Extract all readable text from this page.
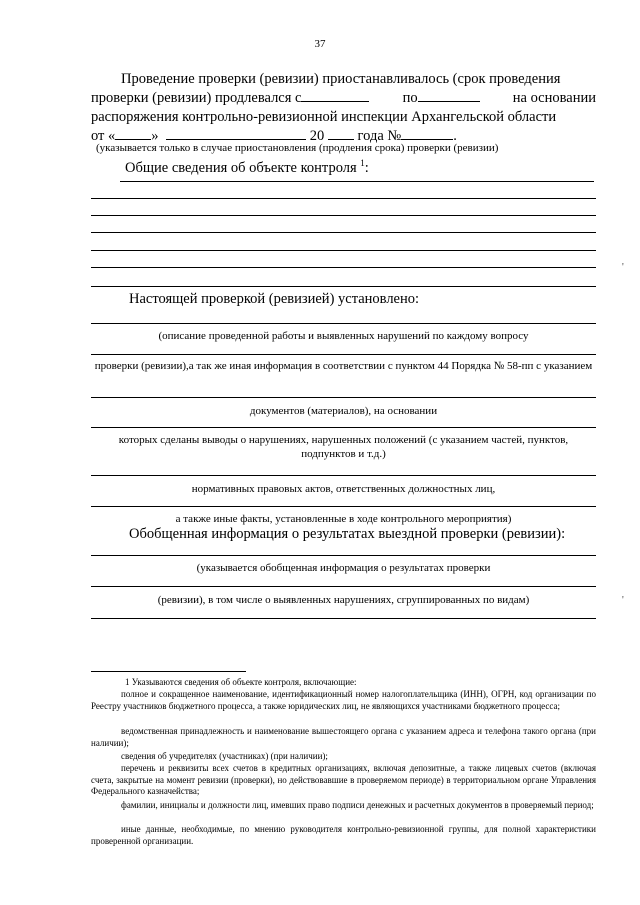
37
Проведение проверки (ревизии) приостанавливалось (срок проведения
проверки (ревизии) продлевался с	по	на основании
распоряжения контрольно-ревизионной инспекции Архангельской области
от « »	20 года №	.
(указывается только в случае приостановления (продления срока) проверки (ревизии)
Общие сведения об объекте контроля $^1$:
Настоящей проверкой (ревизией) установлено:
(описание проведенной работы и выявленных нарушений по каждому вопросу
проверки (ревизии),а так же иная информация в соответствии с пунктом 44 Порядка № 58-пп с указанием
документов (материалов), на основании
которых сделаны выводы о нарушениях, нарушенных положений (с указанием частей, пунктов, подпунктов и т.д.)
нормативных правовых актов, ответственных должностных лиц,
а также иные факты, установленные в ходе контрольного мероприятия)
Обобщенная информация о результатах выездной проверки (ревизии):
(указывается обобщенная информация о результатах проверки
(ревизии), в том числе о выявленных нарушениях, сгруппированных по видам)
'
'
1 Указываются сведения об объекте контроля, включающие:
полное и сокращенное наименование, идентификационный номер налогоплательщика (ИНН), ОГРН, код организации по Реестру участников бюджетного процесса, а также юридических лиц, не являющихся участниками бюджетного процесса;
ведомственная принадлежность и наименование вышестоящего органа с указанием адреса и телефона такого органа (при наличии);
сведения об учредителях (участниках) (при наличии);
перечень и реквизиты всех счетов в кредитных организациях, включая депозитные, а также лицевых счетов (включая счета, закрытые на момент ревизии (проверки), но действовавшие в проверяемом периоде) в территориальном органе Управления Федерального казначейства;
фамилии, инициалы и должности лиц, имевших право подписи денежных и расчетных документов в проверяемый период;
иные данные, необходимые, по мнению руководителя контрольно-ревизионной группы, для полной характеристики проверенной организации.
